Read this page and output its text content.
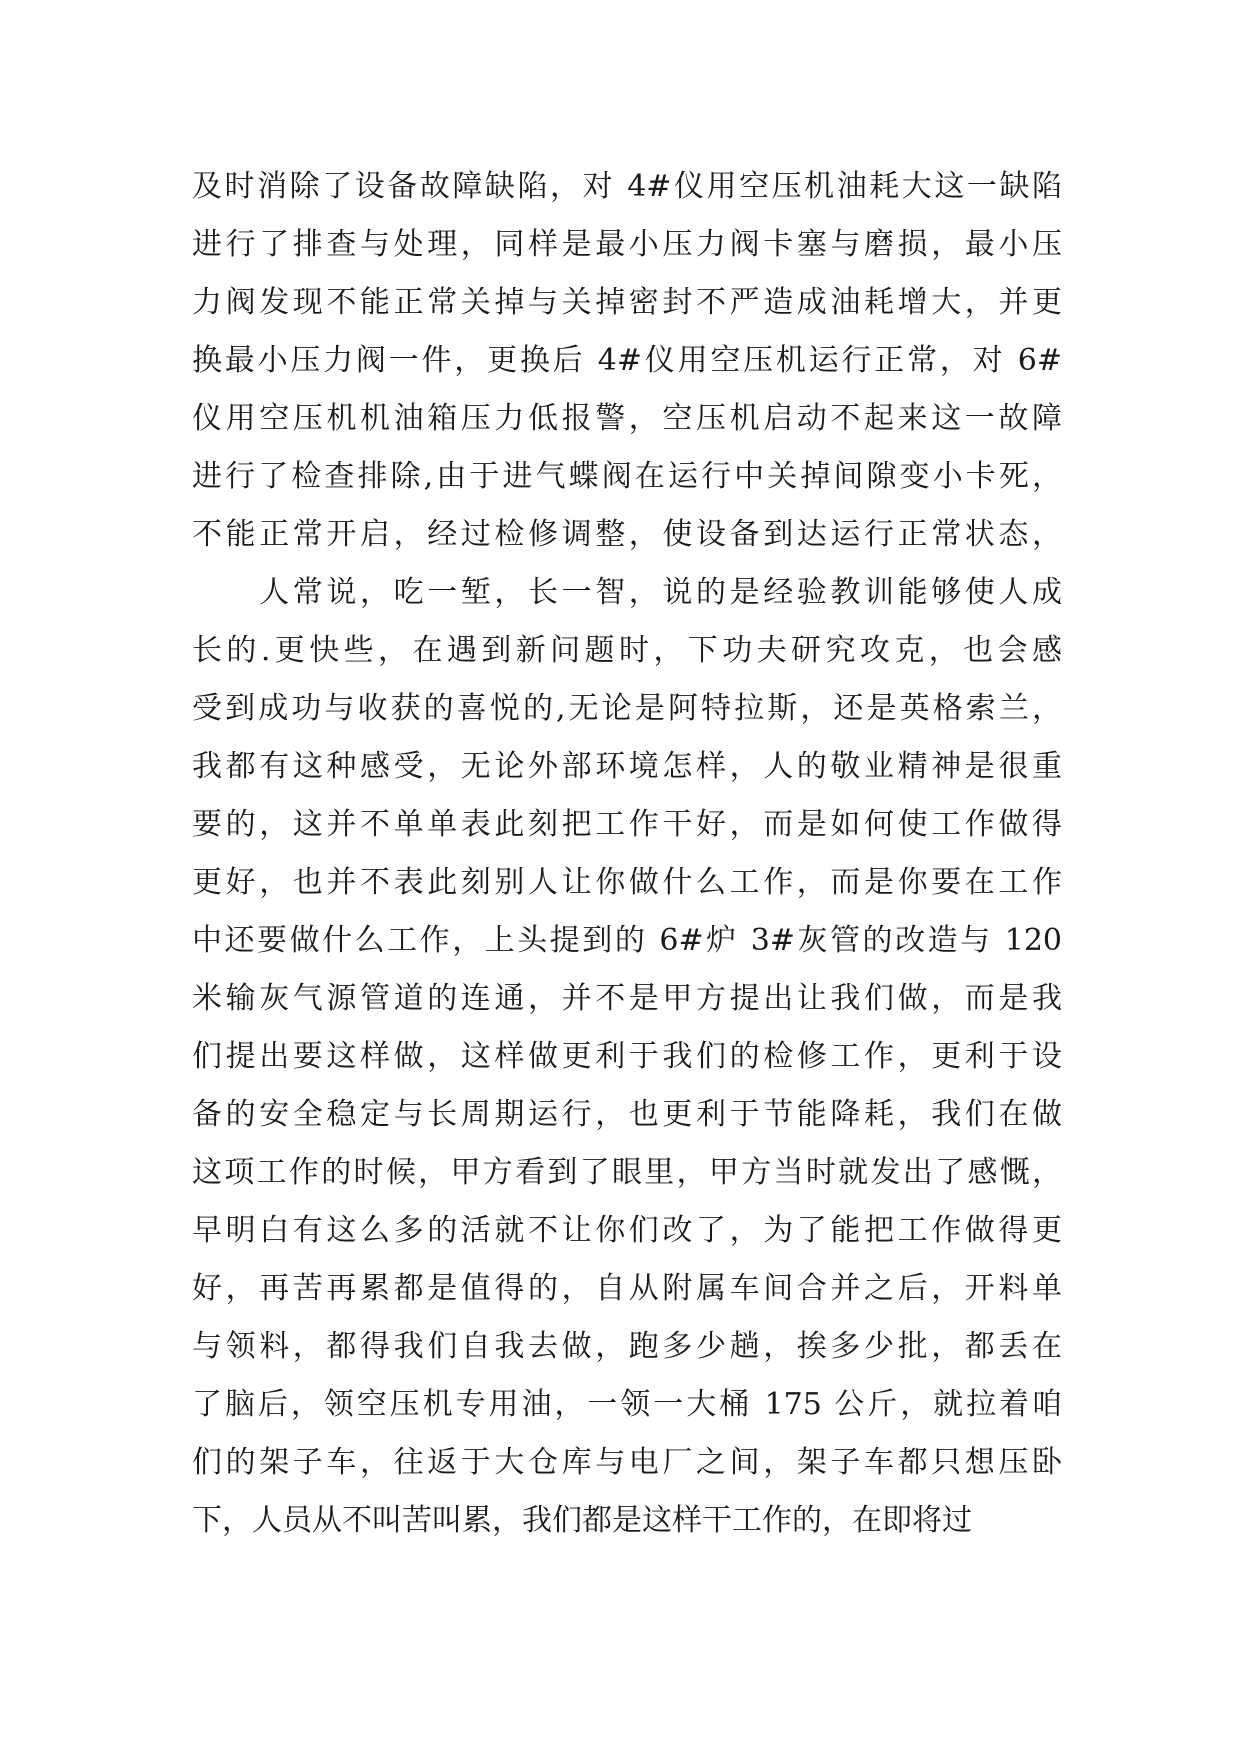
及时消除了设备故障缺陷，对 4#仪用空压机油耗大这一缺陷
进行了排查与处理，同样是最小压力阀卡塞与磨损，最小压
力阀发现不能正常关掉与关掉密封不严造成油耗增大，并更
换最小压力阀一件，更换后 4#仪用空压机运行正常，对 6#
仪用空压机机油箱压力低报警，空压机启动不起来这一故障
进行了检查排除,由于进气蝶阀在运行中关掉间隙变小卡死，
不能正常开启，经过检修调整，使设备到达运行正常状态，
　　人常说，吃一堑，长一智，说的是经验教训能够使人成
长的.更快些，在遇到新问题时，下功夫研究攻克，也会感
受到成功与收获的喜悦的,无论是阿特拉斯，还是英格索兰，
我都有这种感受，无论外部环境怎样，人的敬业精神是很重
要的，这并不单单表此刻把工作干好，而是如何使工作做得
更好，也并不表此刻别人让你做什么工作，而是你要在工作
中还要做什么工作，上头提到的 6#炉 3#灰管的改造与 120
米输灰气源管道的连通，并不是甲方提出让我们做，而是我
们提出要这样做，这样做更利于我们的检修工作，更利于设
备的安全稳定与长周期运行，也更利于节能降耗，我们在做
这项工作的时候，甲方看到了眼里，甲方当时就发出了感慨，
早明白有这么多的活就不让你们改了，为了能把工作做得更
好，再苦再累都是值得的，自从附属车间合并之后，开料单
与领料，都得我们自我去做，跑多少趟，挨多少批，都丢在
了脑后，领空压机专用油，一领一大桶 175 公斤，就拉着咱
们的架子车，往返于大仓库与电厂之间，架子车都只想压卧
下，人员从不叫苦叫累，我们都是这样干工作的，在即将过
